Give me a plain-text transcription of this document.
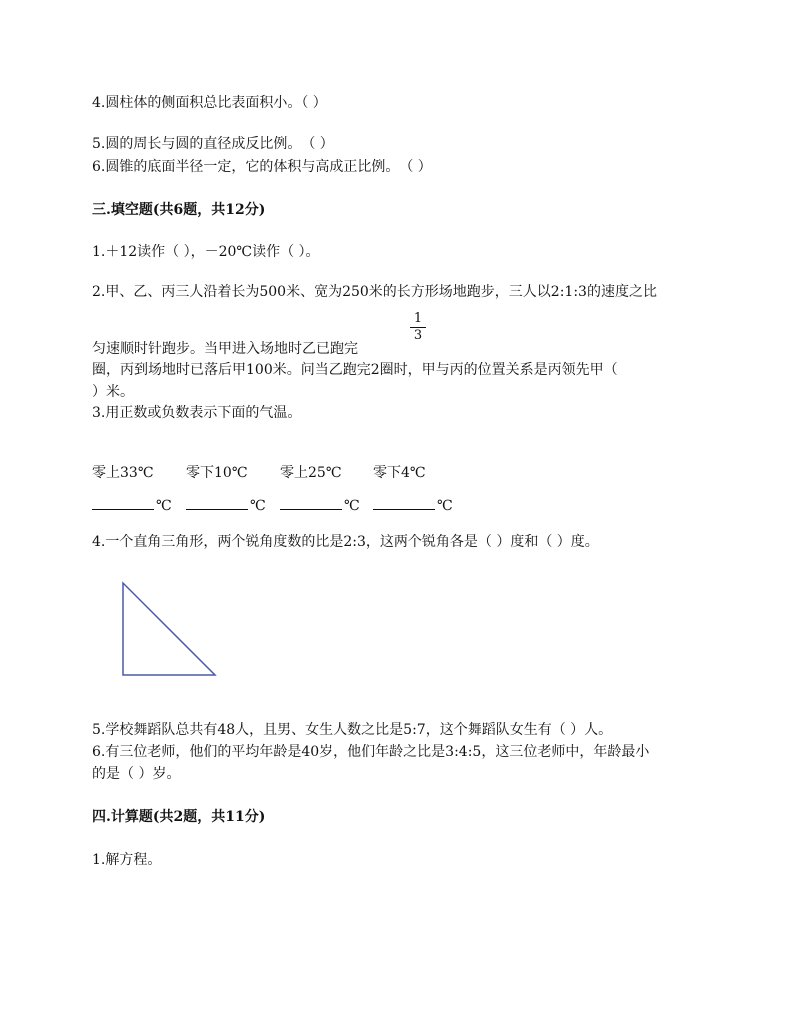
4.圆柱体的侧面积总比表面积小。（ ）
5.圆的周长与圆的直径成反比例。　（ ）
6.圆锥的底面半径一定，它的体积与高成正比例。　（ ）
三.填空题(共6题，共12分)
1.＋12读作（ ），－20℃读作（ ）。
2.甲、乙、丙三人沿着长为500米、宽为250米的长方形场地跑步，三人以2:1:3的速度之比
1
3
匀速顺时针跑步。当甲进入场地时乙已跑完
圈，丙到场地时已落后甲100米。问当乙跑完2圈时，甲与丙的位置关系是丙领先甲（
）米。
3.用正数或负数表示下面的气温。
零上33℃ 零下10℃ 零上25℃ 零下4℃
℃	℃	℃	℃
4.一个直角三角形，两个锐角度数的比是2:3，这两个锐角各是（ ）度和（ ）度。
5.学校舞蹈队总共有48人，且男、女生人数之比是5:7，这个舞蹈队女生有（ ）人。
6.有三位老师，他们的平均年龄是40岁，他们年龄之比是3:4:5，这三位老师中，年龄最小
的是（ ）岁。
四.计算题(共2题，共11分)
1.解方程。
